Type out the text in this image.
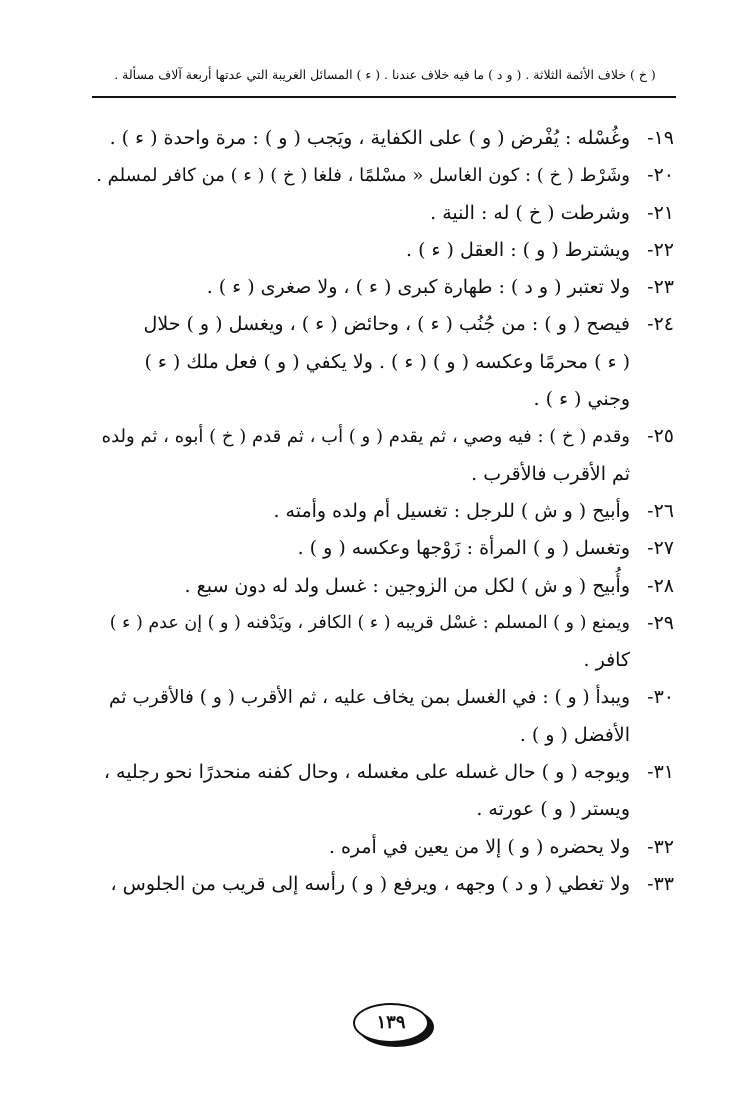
( خ ) خلاف الأئمة الثلاثة . ( و د ) ما فيه خلاف عندنا . ( ء ) المسائل الغريبة التي عدتها أربعة آلاف مسألة .
١٩-
وغُسْله : يُفْرض ( و ) على الكفاية ، ويَجب ( و ) : مرة واحدة ( ء ) .
٢٠-
وشَرْط ( خ ) : كون الغاسل « مسْلمًا ، فلغا ( خ ) ( ء ) من كافر لمسلم .
٢١-
وشرطت ( خ ) له : النية .
٢٢-
ويشترط ( و ) : العقل ( ء ) .
٢٣-
ولا تعتبر ( و د ) : طهارة كبرى ( ء ) ، ولا صغرى ( ء ) .
٢٤-
فيصح ( و ) : من جُنُب ( ء ) ، وحائض ( ء ) ، ويغسل ( و ) حلال
( ء ) محرمًا وعكسه ( و ) ( ء ) . ولا يكفي ( و ) فعل ملك ( ء )
وجني ( ء ) .
٢٥-
وقدم ( خ ) : فيه وصي ، ثم يقدم ( و ) أب ، ثم قدم ( خ ) أبوه ، ثم ولده
ثم الأقرب فالأقرب .
٢٦-
وأبيح ( و ش ) للرجل : تغسيل أم ولده وأمته .
٢٧-
وتغسل ( و ) المرأة : زَوْجها وعكسه ( و ) .
٢٨-
وأُبيح ( و ش ) لكل من الزوجين : غسل ولد له دون سبع .
٢٩-
ويمنع ( و ) المسلم : غسْل قريبه ( ء ) الكافر ، ويَدْفنه ( و ) إن عدم ( ء )
كافر .
٣٠-
ويبدأ ( و ) : في الغسل بمن يخاف عليه ، ثم الأقرب ( و ) فالأقرب ثم
الأفضل ( و ) .
٣١-
ويوجه ( و ) حال غسله على مغسله ، وحال كفنه منحدرًا نحو رجليه ،
ويستر ( و ) عورته .
٣٢-
ولا يحضره ( و ) إلا من يعين في أمره .
٣٣-
ولا تغطي ( و د ) وجهه ، ويرفع ( و ) رأسه إلى قريب من الجلوس ،
١٣٩
